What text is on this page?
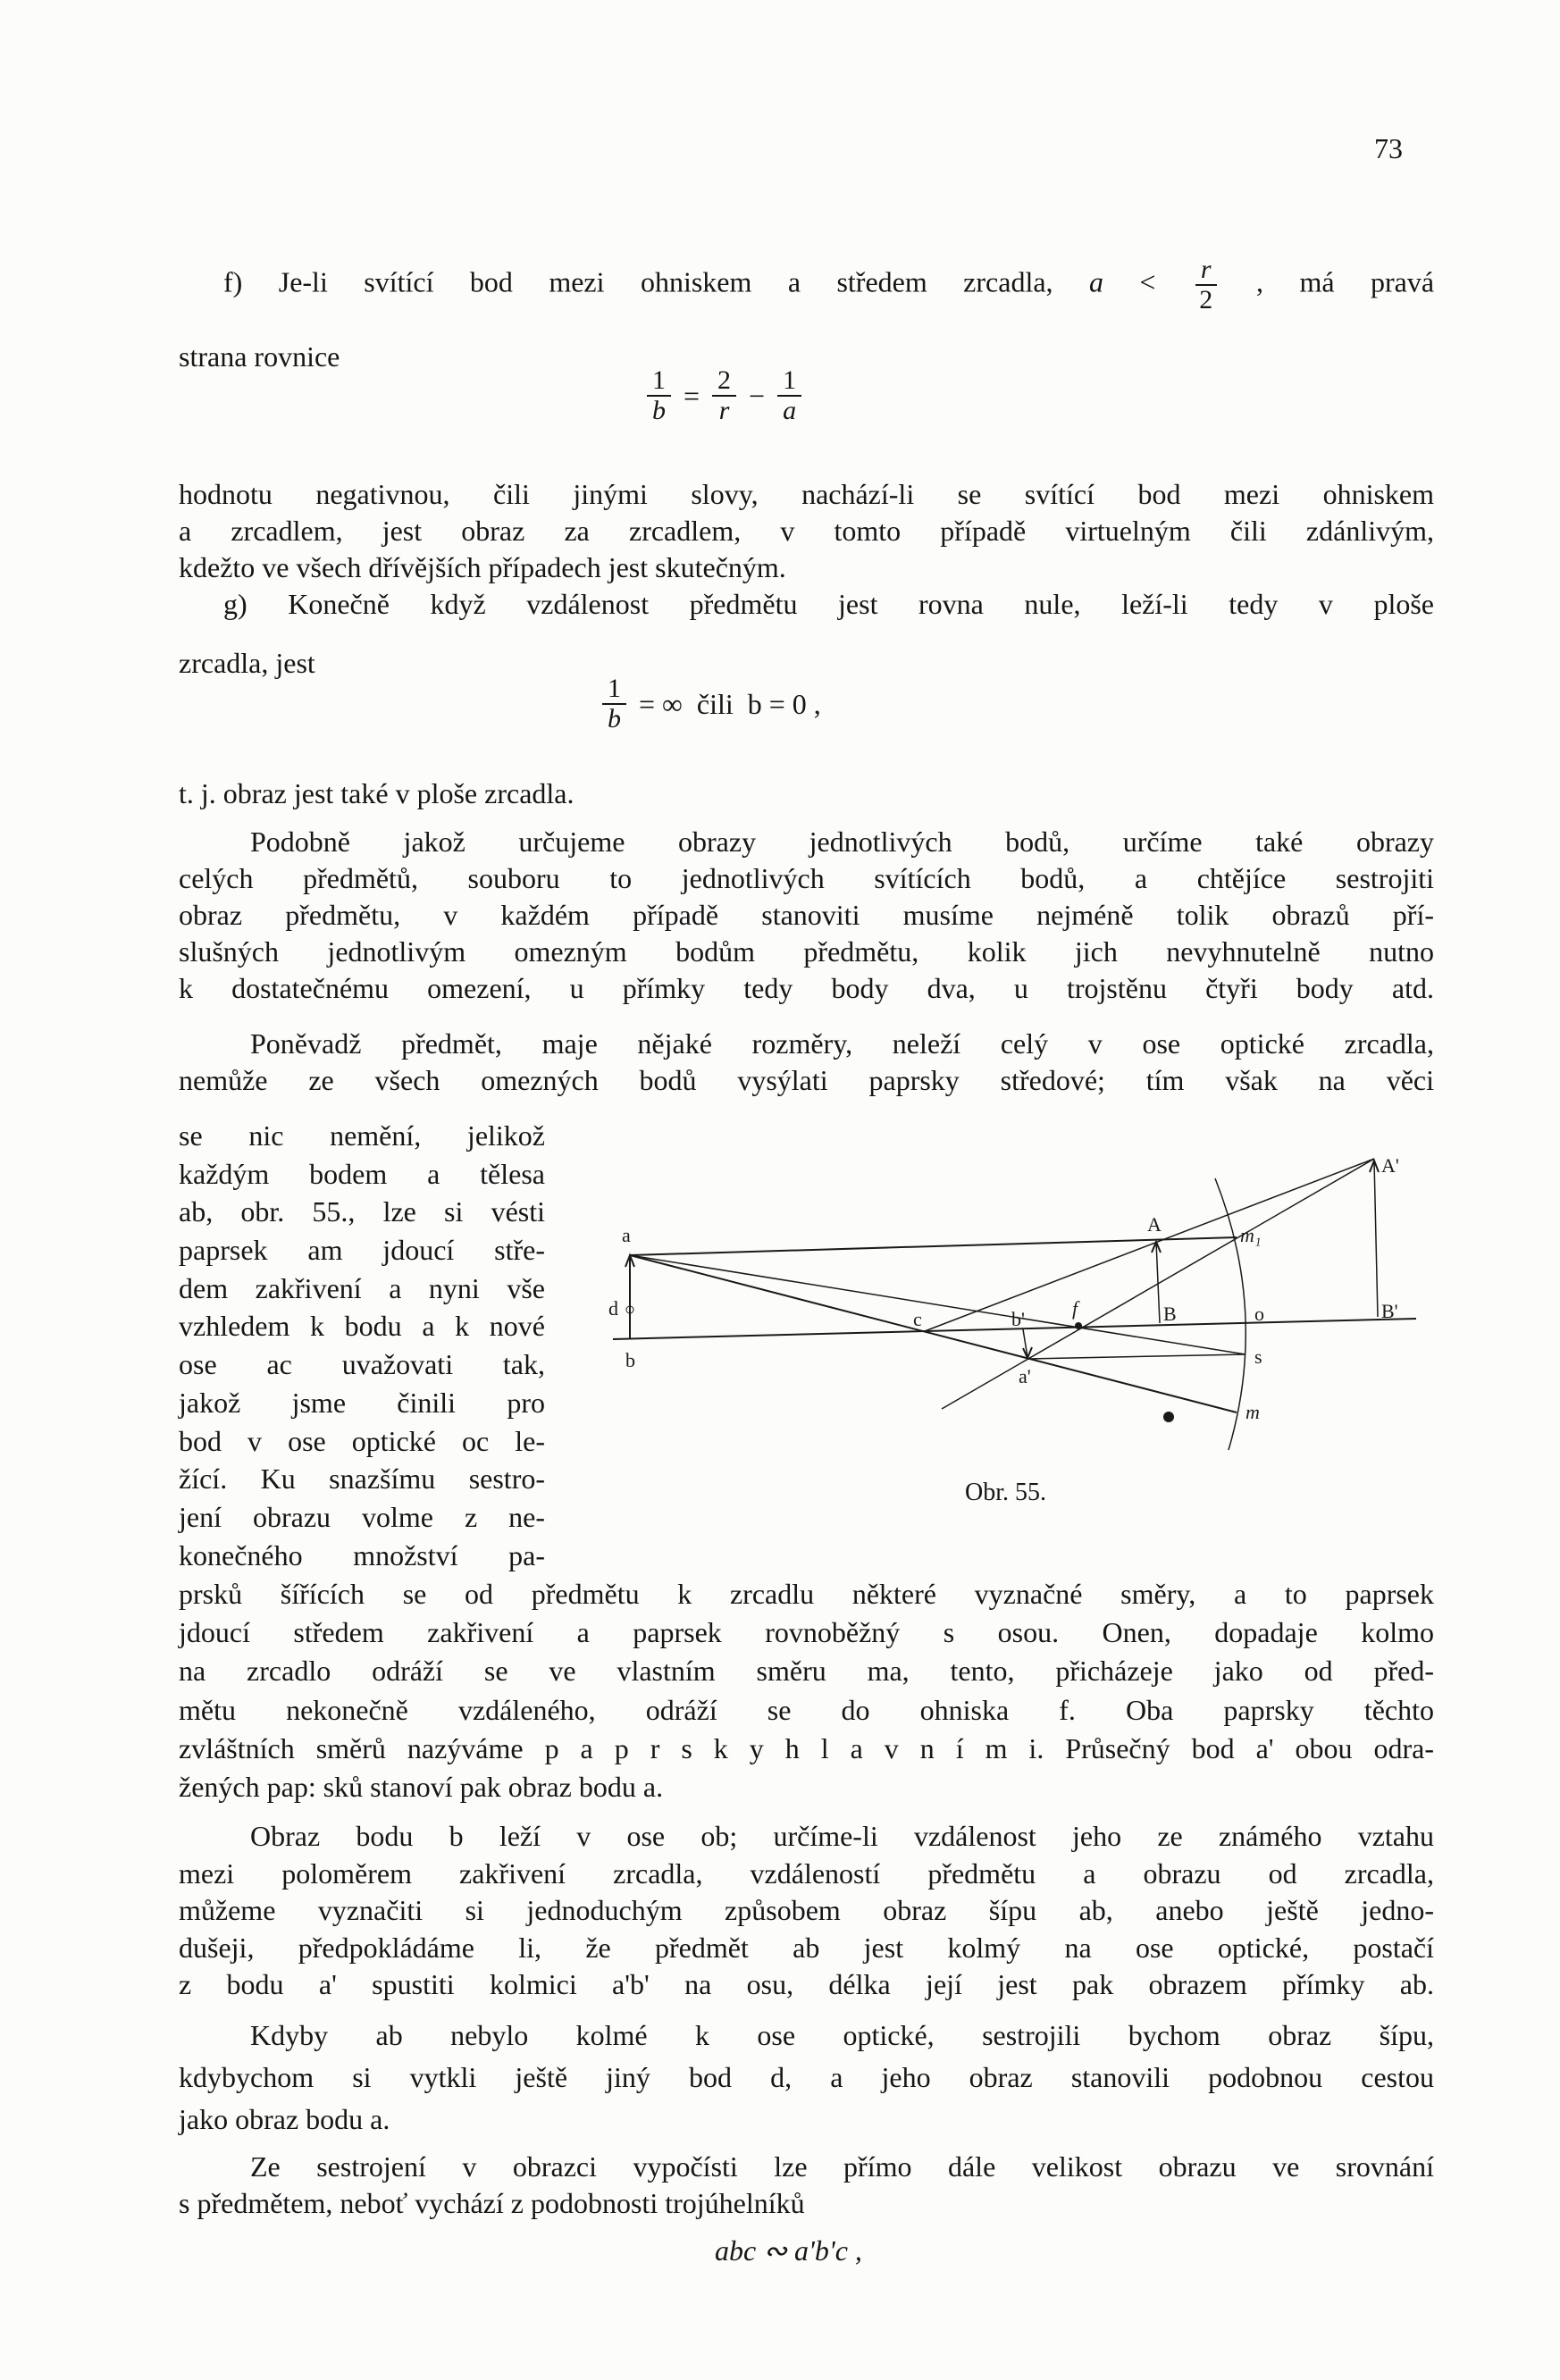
73
f) Je-li svítící bod mezi ohniskem a středem zrcadla, $a < \frac{r}{2}$ , má pravá
strana rovnice
$\frac{1}{b} = \frac{2}{r} - \frac{1}{a}$
hodnotu negativnou, čili jinými slovy, nachází-li se svítící bod mezi ohniskem
a zrcadlem, jest obraz za zrcadlem, v tomto případě virtuelným čili zdánlivým,
kdežto ve všech dřívějších případech jest skutečným.
g) Konečně když vzdálenost předmětu jest rovna nule, leží-li tedy v ploše
zrcadla, jest
$\frac{1}{b}$ = ∞  čili  b = 0 ,
t. j. obraz jest také v ploše zrcadla.
Podobně jakož určujeme obrazy jednotlivých bodů, určíme také obrazy
celých předmětů, souboru to jednotlivých svítících bodů, a chtějíce sestrojiti
obraz předmětu, v každém případě stanoviti musíme nejméně tolik obrazů pří-
slušných jednotlivým omezným bodům předmětu, kolik jich nevyhnutelně nutno
k dostatečnému omezení, u přímky tedy body dva, u trojstěnu čtyři body atd.
Poněvadž předmět, maje nějaké rozměry, neleží celý v ose optické zrcadla,
nemůže ze všech omezných bodů vysýlati paprsky středové; tím však na věci
se nic nemění, jelikož
každým bodem a tělesa
ab, obr. 55., lze si vésti
paprsek am jdoucí stře-
dem zakřivení a nyni vše
vzhledem k bodu a k nové
ose ac uvažovati tak,
jakož jsme činili pro
bod v ose optické oc le-
žící. Ku snazšímu sestro-
jení obrazu volme z ne-
konečného množství pa-
a
b
d	c	f
b'
a'
A
B
m₁
o
s
m
A'
B'
Obr. 55.
prsků šířících se od předmětu k zrcadlu některé vyznačné směry, a to paprsek
jdoucí středem zakřivení a paprsek rovnoběžný s osou. Onen, dopadaje kolmo
na zrcadlo odráží se ve vlastním směru ma, tento, přicházeje jako od před-
mětu nekonečně vzdáleného, odráží se do ohniska f. Oba paprsky těchto
zvláštních směrů nazýváme p a p r s k y h l a v n í m i. Průsečný bod a' obou odra-
žených pap: sků stanoví pak obraz bodu a.
Obraz bodu b leží v ose ob; určíme-li vzdálenost jeho ze známého vztahu
mezi poloměrem zakřivení zrcadla, vzdáleností předmětu a obrazu od zrcadla,
můžeme vyznačiti si jednoduchým způsobem obraz šípu ab, anebo ještě jedno-
dušeji, předpokládáme li, že předmět ab jest kolmý na ose optické, postačí
z bodu a' spustiti kolmici a'b' na osu, délka její jest pak obrazem přímky ab.
Kdyby ab nebylo kolmé k ose optické, sestrojili bychom obraz šípu,
kdybychom si vytkli ještě jiný bod d, a jeho obraz stanovili podobnou cestou
jako obraz bodu a.
Ze sestrojení v obrazci vypočísti lze přímo dále velikost obrazu ve srovnání
s předmětem, neboť vychází z podobnosti trojúhelníků
abc ∾ a'b'c ,
